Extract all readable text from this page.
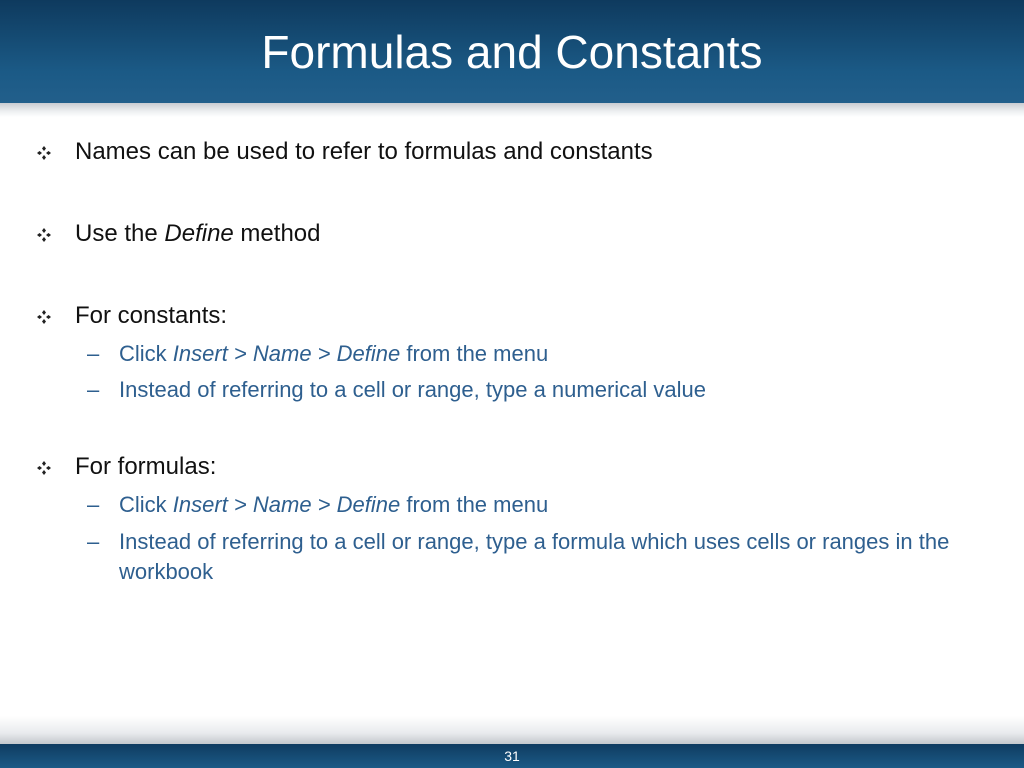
Formulas and Constants
Names can be used to refer to formulas and constants
Use the Define method
For constants:
– Click Insert > Name > Define from the menu
– Instead of referring to a cell or range, type a numerical value
For formulas:
– Click Insert > Name > Define from the menu
– Instead of referring to a cell or range, type a formula which uses cells or ranges in the workbook
31
